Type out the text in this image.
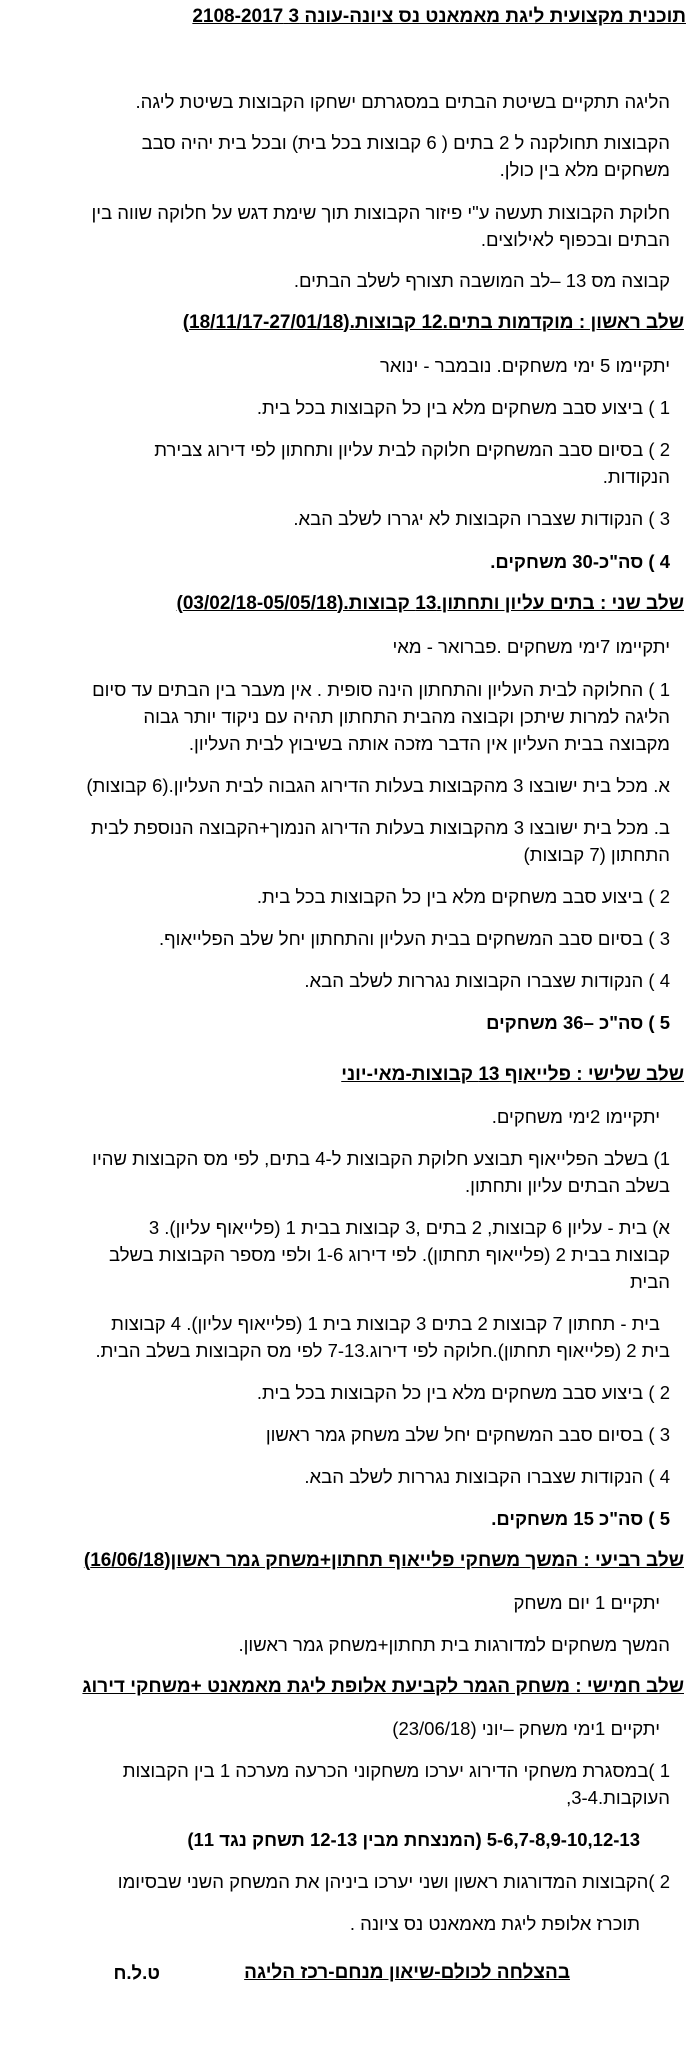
תוכנית מקצועית ליגת מאמאנט נס ציונה-עונה 3 2108-2017
הליגה תתקיים בשיטת הבתים במסגרתם ישחקו הקבוצות בשיטת ליגה.
הקבוצות תחולקנה ל 2 בתים ( 6 קבוצות בכל בית) ובכל בית יהיה סבב
משחקים מלא בין כולן.
חלוקת הקבוצות תעשה ע"י פיזור הקבוצות תוך שימת דגש על חלוקה שווה בין
הבתים ובכפוף לאילוצים.
קבוצה מס 13 –לב המושבה תצורף לשלב הבתים.
שלב ראשון : מוקדמות בתים.12 קבוצות.(18/11/17-27/01/18)
יתקיימו 5 ימי משחקים. נובמבר - ינואר
1 ) ביצוע סבב משחקים מלא בין כל הקבוצות בכל בית.
2 ) בסיום סבב המשחקים חלוקה לבית עליון ותחתון לפי דירוג צבירת
הנקודות.
3 ) הנקודות שצברו הקבוצות לא יגררו לשלב הבא.
4 ) סה"כ-30 משחקים.
שלב שני : בתים עליון ותחתון.13 קבוצות.(03/02/18-05/05/18)
יתקיימו 7ימי משחקים .פברואר - מאי
1 ) החלוקה לבית העליון והתחתון הינה סופית . אין מעבר בין הבתים עד סיום
הליגה למרות שיתכן וקבוצה מהבית התחתון תהיה עם ניקוד יותר גבוה
מקבוצה בבית העליון אין הדבר מזכה אותה בשיבוץ לבית העליון.
א. מכל בית ישובצו 3 מהקבוצות בעלות הדירוג הגבוה לבית העליון.(6 קבוצות)
ב. מכל בית ישובצו 3 מהקבוצות בעלות הדירוג הנמוך+הקבוצה הנוספת לבית
התחתון (7 קבוצות)
2 ) ביצוע סבב משחקים מלא בין כל הקבוצות בכל בית.
3 ) בסיום סבב המשחקים בבית העליון והתחתון יחל שלב הפלייאוף.
4 ) הנקודות שצברו הקבוצות נגררות לשלב הבא.
5 ) סה"כ –36 משחקים
שלב שלישי : פלייאוף 13 קבוצות-מאי-יוני
יתקיימו 2ימי משחקים.
1) בשלב הפלייאוף תבוצע חלוקת הקבוצות ל-4 בתים, לפי מס הקבוצות שהיו
בשלב הבתים עליון ותחתון.
א) בית - עליון 6 קבוצות, 2 בתים ,3 קבוצות בבית 1 (פלייאוף עליון). 3
קבוצות בבית 2 (פלייאוף תחתון). לפי דירוג 1-6 ולפי מספר הקבוצות בשלב
הבית
בית - תחתון 7 קבוצות 2 בתים 3 קבוצות בית 1 (פלייאוף עליון). 4 קבוצות
בית 2 (פלייאוף תחתון).חלוקה לפי דירוג.7-13 לפי מס הקבוצות בשלב הבית.
2 ) ביצוע סבב משחקים מלא בין כל הקבוצות בכל בית.
3 ) בסיום סבב המשחקים יחל שלב משחק גמר ראשון
4 ) הנקודות שצברו הקבוצות נגררות לשלב הבא.
5 ) סה"כ 15 משחקים.
שלב רביעי : המשך משחקי פלייאוף תחתון+משחק גמר ראשון(16/06/18)
יתקיים 1 יום משחק
המשך משחקים למדורגות בית תחתון+משחק גמר ראשון.
שלב חמישי : משחק הגמר לקביעת אלופת ליגת מאמאנט +משחקי דירוג
יתקיים 1ימי משחק –יוני (23/06/18)
1 )במסגרת משחקי הדירוג יערכו משחקוני הכרעה מערכה 1 בין הקבוצות
העוקבות.3-4,
5-6,7-8,9-10,12-13 (המנצחת מבין 12-13 תשחק נגד 11)
2 )הקבוצות המדורגות ראשון ושני יערכו ביניהן את המשחק השני שבסיומו
תוכרז אלופת ליגת מאמאנט נס ציונה .
בהצלחה לכולם-שיאון מנחם-רכז הליגה
ט.ל.ח
